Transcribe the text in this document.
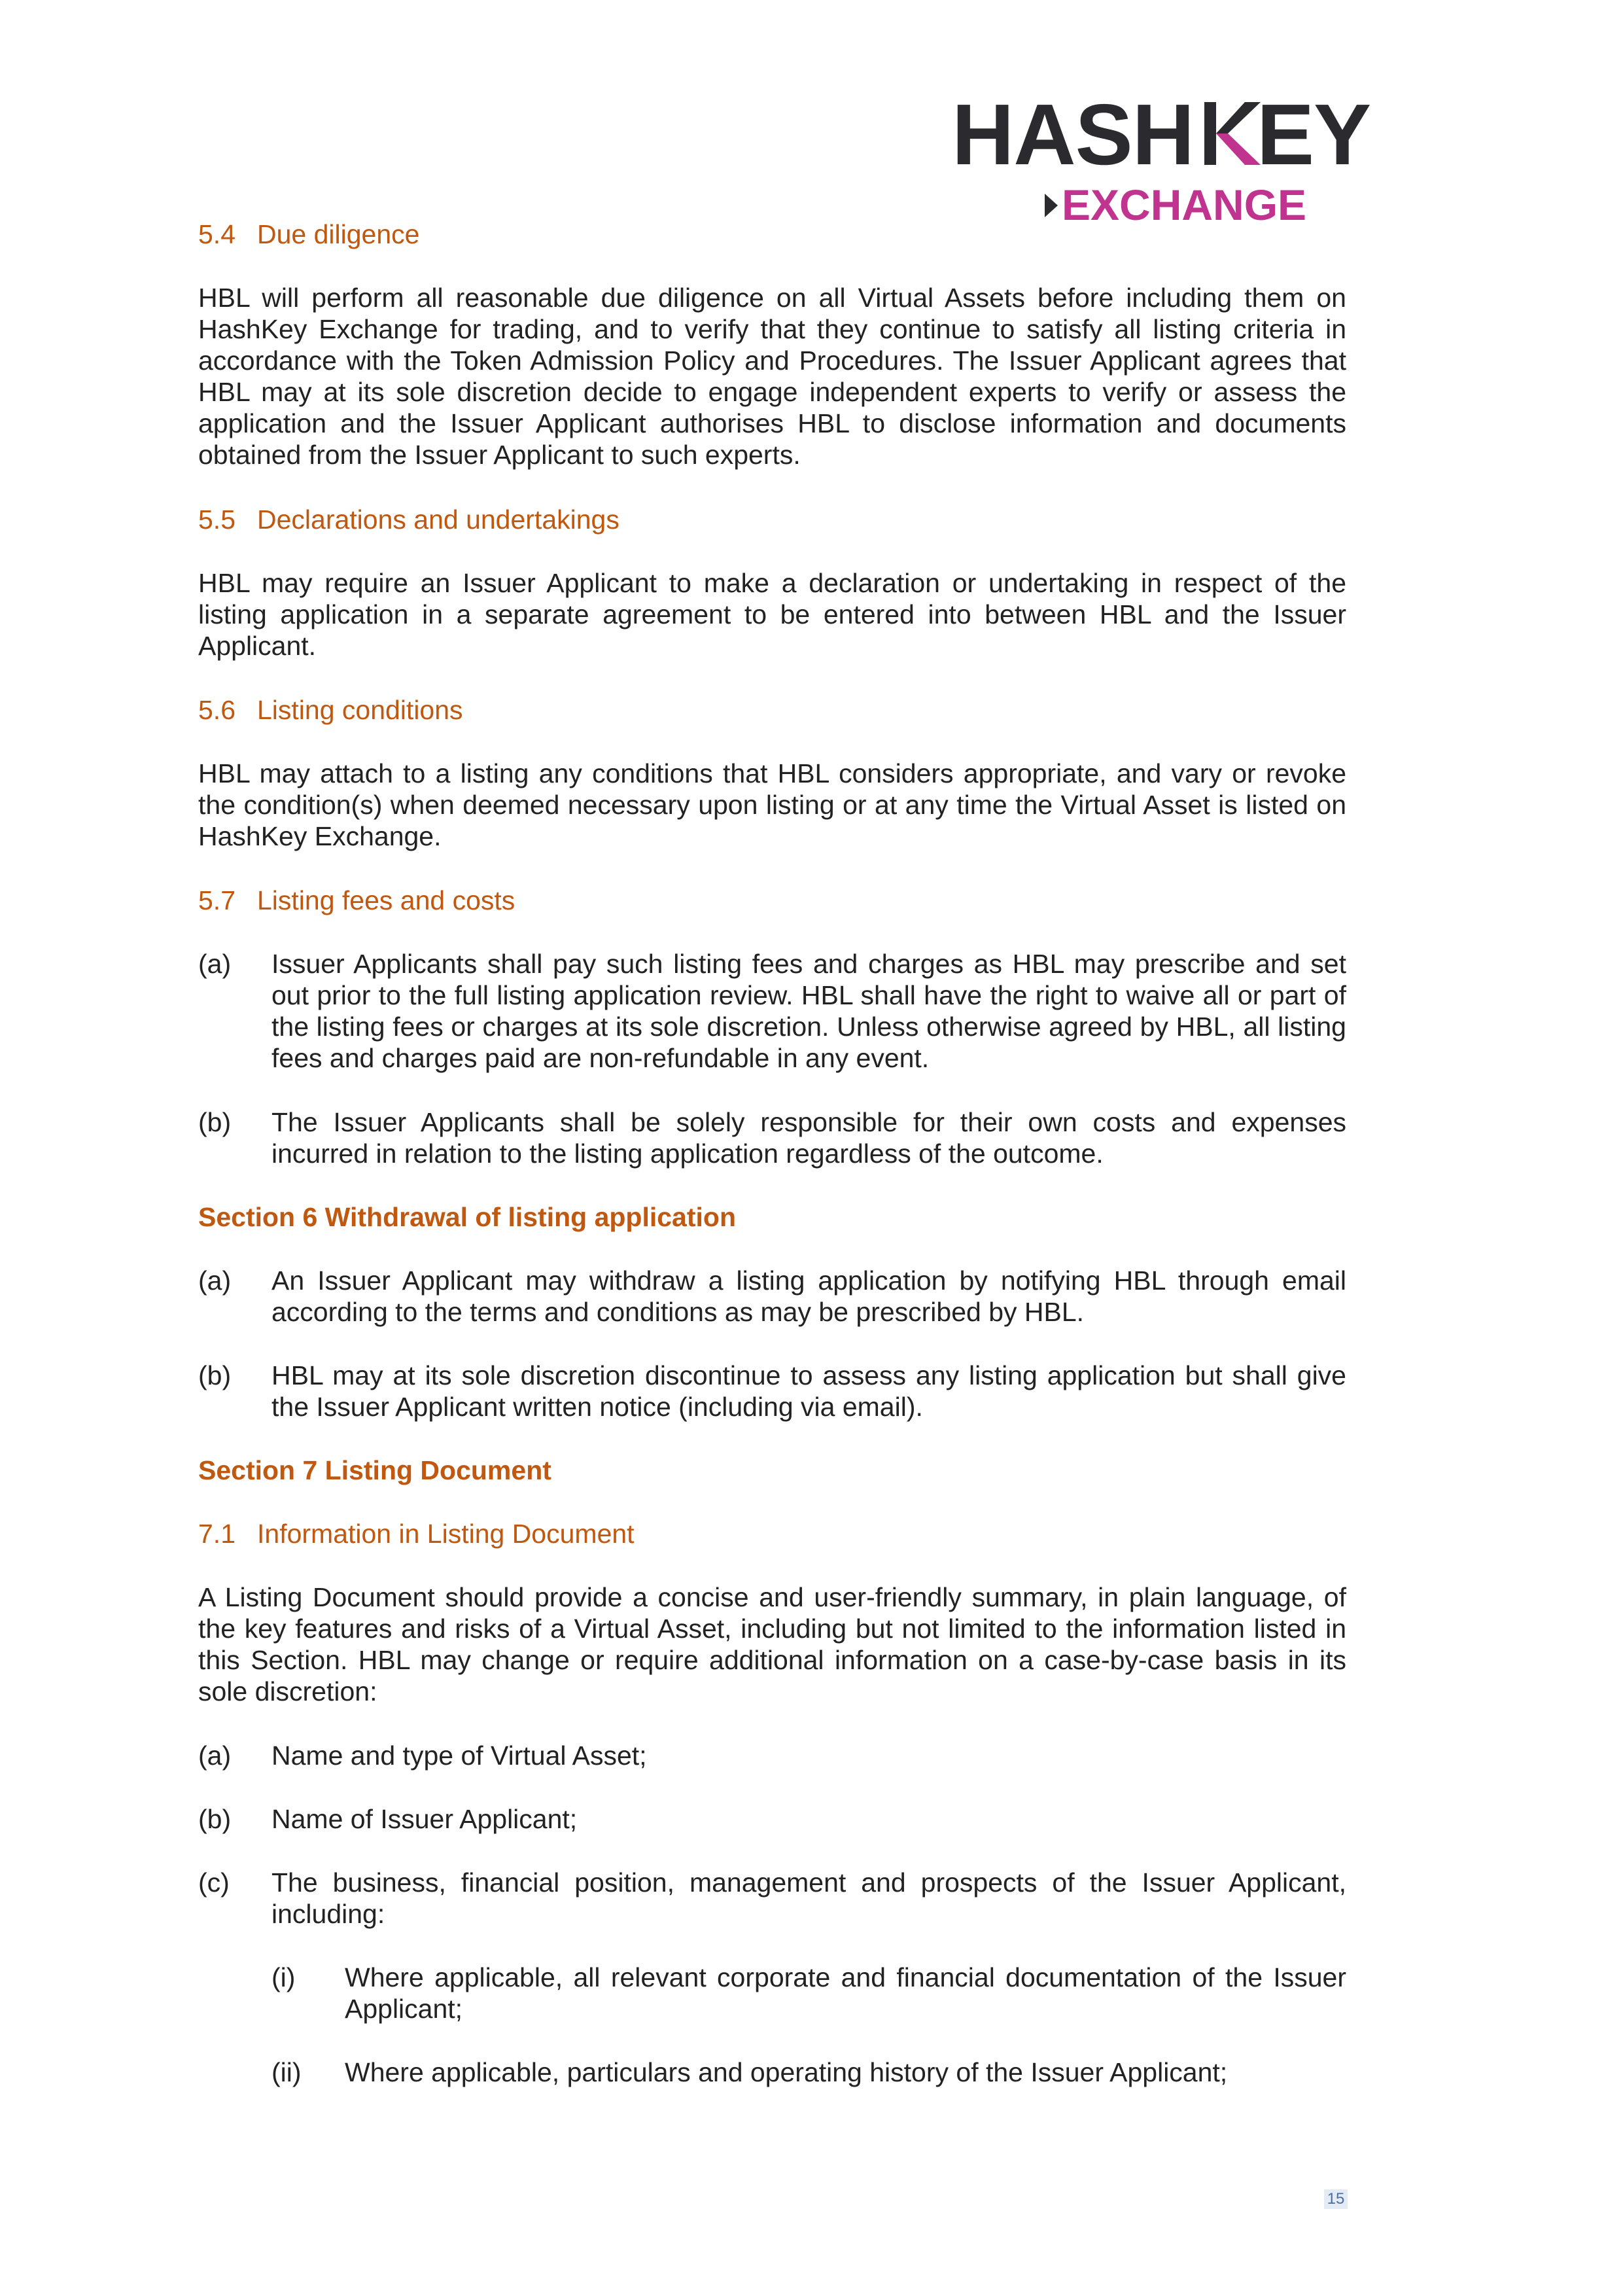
HASH EY
EXCHANGE
5.4 Due diligence
HBL will perform all reasonable due diligence on all Virtual Assets before including them on HashKey Exchange for trading, and to verify that they continue to satisfy all listing criteria in accordance with the Token Admission Policy and Procedures. The Issuer Applicant agrees that HBL may at its sole discretion decide to engage independent experts to verify or assess the application and the Issuer Applicant authorises HBL to disclose information and documents obtained from the Issuer Applicant to such experts.
5.5 Declarations and undertakings
HBL may require an Issuer Applicant to make a declaration or undertaking in respect of the listing application in a separate agreement to be entered into between HBL and the Issuer Applicant.
5.6 Listing conditions
HBL may attach to a listing any conditions that HBL considers appropriate, and vary or revoke the condition(s) when deemed necessary upon listing or at any time the Virtual Asset is listed on HashKey Exchange.
5.7 Listing fees and costs
(a) Issuer Applicants shall pay such listing fees and charges as HBL may prescribe and set out prior to the full listing application review. HBL shall have the right to waive all or part of the listing fees or charges at its sole discretion. Unless otherwise agreed by HBL, all listing fees and charges paid are non-refundable in any event.
(b) The Issuer Applicants shall be solely responsible for their own costs and expenses incurred in relation to the listing application regardless of the outcome.
Section 6 Withdrawal of listing application
(a) An Issuer Applicant may withdraw a listing application by notifying HBL through email according to the terms and conditions as may be prescribed by HBL.
(b) HBL may at its sole discretion discontinue to assess any listing application but shall give the Issuer Applicant written notice (including via email).
Section 7 Listing Document
7.1 Information in Listing Document
A Listing Document should provide a concise and user-friendly summary, in plain language, of the key features and risks of a Virtual Asset, including but not limited to the information listed in this Section. HBL may change or require additional information on a case-by-case basis in its sole discretion:
(a) Name and type of Virtual Asset;
(b) Name of Issuer Applicant;
(c) The business, financial position, management and prospects of the Issuer Applicant, including:
(i) Where applicable, all relevant corporate and financial documentation of the Issuer Applicant;
(ii) Where applicable, particulars and operating history of the Issuer Applicant;
15
